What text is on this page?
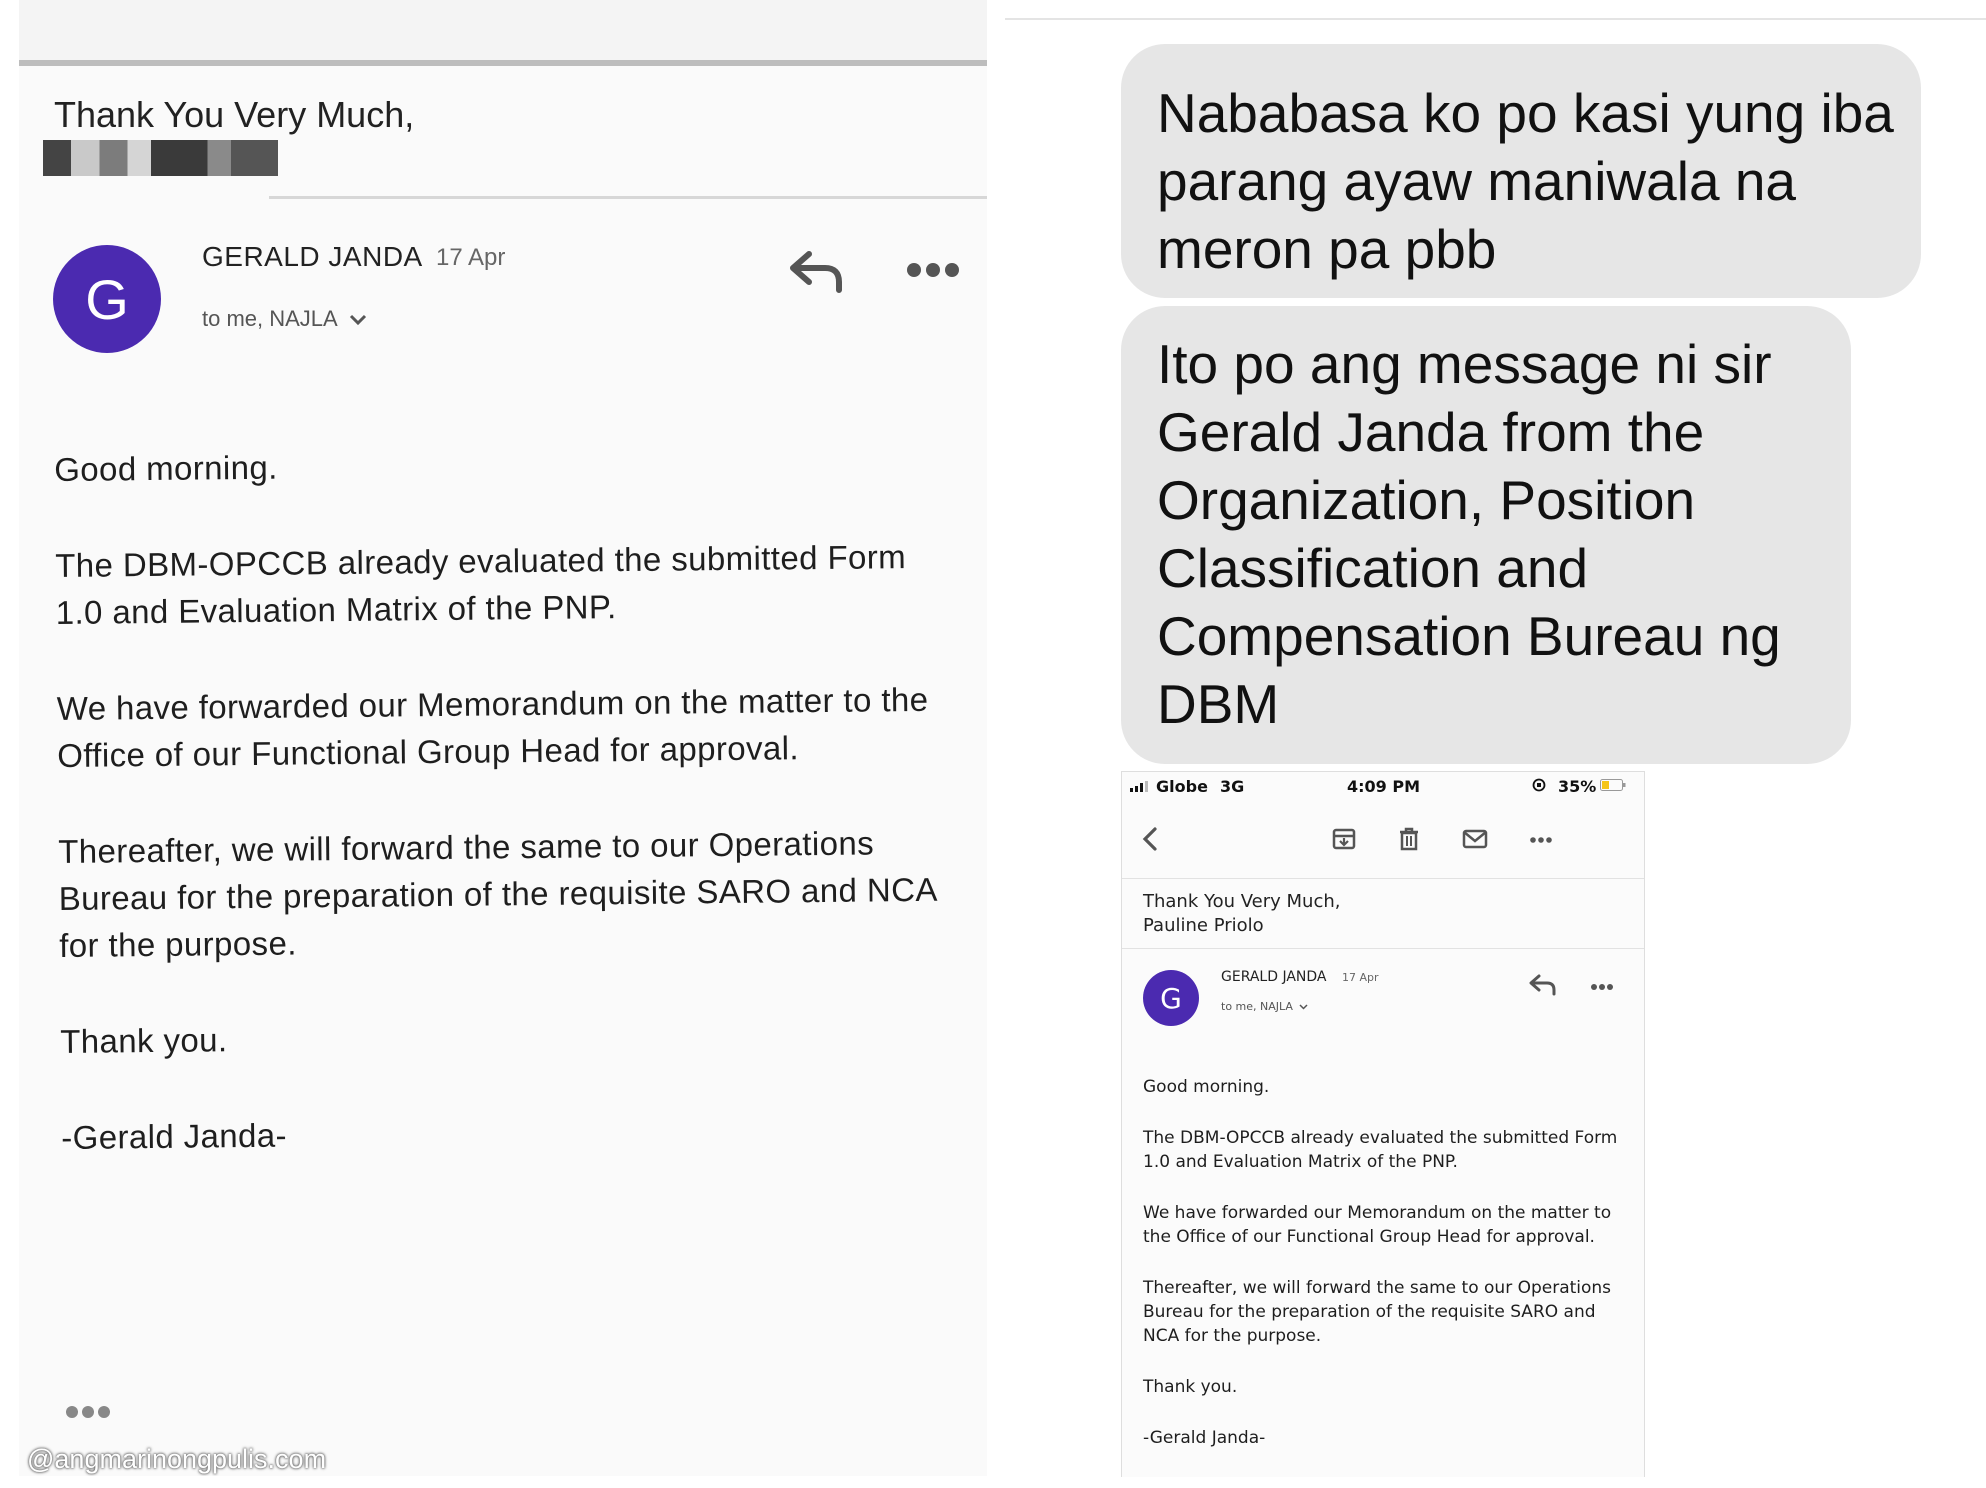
Thank You Very Much,
G
GERALD JANDA 17 Apr
to me, NAJLA

Good morning.

The DBM-OPCCB already evaluated the submitted Form 1.0 and Evaluation Matrix of the PNP.

We have forwarded our Memorandum on the matter to the Office of our Functional Group Head for approval.

Thereafter, we will forward the same to our Operations Bureau for the preparation of the requisite SARO and NCA for the purpose.

Thank you.

-Gerald Janda-

@angmarinongpulis.com
Nababasa ko po kasi yung iba parang ayaw maniwala na meron pa pbb
Ito po ang message ni sir Gerald Janda from the Organization, Position Classification and Compensation Bureau ng DBM
Globe 3G	4:09 PM	35%
Thank You Very Much,
Pauline Priolo
G
GERALD JANDA 17 Apr
to me, NAJLA

Good morning.

The DBM-OPCCB already evaluated the submitted Form 1.0 and Evaluation Matrix of the PNP.

We have forwarded our Memorandum on the matter to the Office of our Functional Group Head for approval.

Thereafter, we will forward the same to our Operations Bureau for the preparation of the requisite SARO and NCA for the purpose.

Thank you.

-Gerald Janda-
